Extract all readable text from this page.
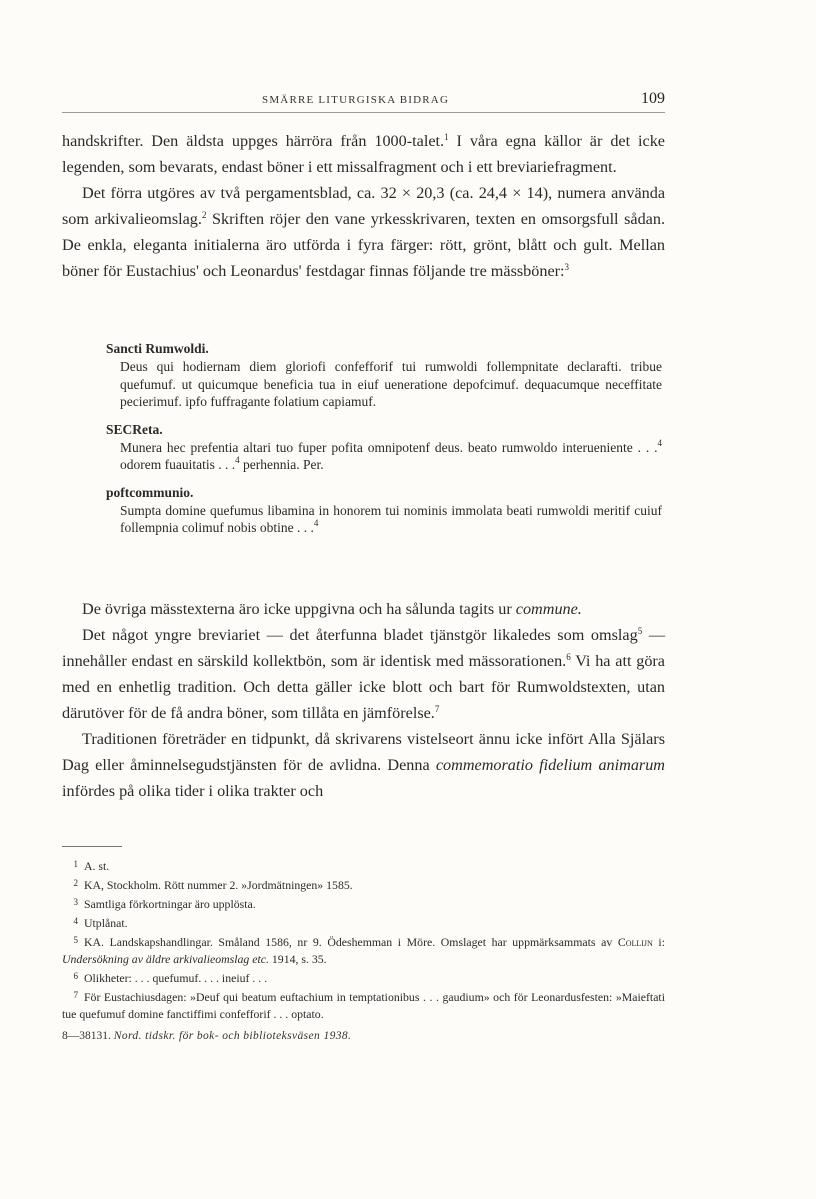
SMÄRRE LITURGISKA BIDRAG	109

handskrifter. Den äldsta uppges härröra från 1000-talet.$^1$ I våra egna källor är det icke legenden, som bevarats, endast böner i ett missalfragment och i ett breviariefragment.

Det förra utgöres av två pergamentsblad, ca. 32 × 20,3 (ca. 24,4 × 14), numera använda som arkivalieomslag.$^2$ Skriften röjer den vane yrkesskrivaren, texten en omsorgsfull sådan. De enkla, eleganta initialerna äro utförda i fyra färger: rött, grönt, blått och gult. Mellan böner för Eustachius' och Leonardus' festdagar finnas följande tre mässböner:$^3$

Sancti Rumwoldi.

Deus qui hodiernam diem gloriofi confefforif tui rumwoldi follempnitate declarafti. tribue quefumuf. ut quicumque beneficia tua in eiuf ueneratione depofcimuf. dequacumque neceffitate pecierimuf. ipfo fuffragante folatium capiamuf.

SECReta.

Munera hec prefentia altari tuo fuper pofita omnipotenf deus. beato rumwoldo interueniente . . .$^4$ odorem fuauitatis . . .$^4$ perhennia. Per.

poftcommunio.

Sumpta domine quefumus libamina in honorem tui nominis immolata beati rumwoldi meritif cuiuf follempnia colimuf nobis obtine . . .$^4$

De övriga mässtexterna äro icke uppgivna och ha sålunda tagits ur commune.

Det något yngre breviariet — det återfunna bladet tjänstgör likaledes som omslag$^5$ — innehåller endast en särskild kollektbön, som är identisk med mässorationen.$^6$ Vi ha att göra med en enhetlig tradition. Och detta gäller icke blott och bart för Rumwoldstexten, utan därutöver för de få andra böner, som tillåta en jämförelse.$^7$

Traditionen företräder en tidpunkt, då skrivarens vistelseort ännu icke infört Alla Själars Dag eller åminnelsegudstjänsten för de avlidna. Denna commemoratio fidelium animarum infördes på olika tider i olika trakter och

1 A. st.

2 KA, Stockholm. Rött nummer 2. »Jordmätningen» 1585.

3 Samtliga förkortningar äro upplösta.

4 Utplånat.

5 KA. Landskapshandlingar. Småland 1586, nr 9. Ödeshemman i Möre. Omslaget har uppmärksammats av Collijn i: Undersökning av äldre arkivalieomslag etc. 1914, s. 35.

6 Olikheter: . . . quefumuf. . . . ineiuf . . .

7 För Eustachiusdagen: »Deuf qui beatum euftachium in temptationibus . . . gaudium» och för Leonardusfesten: »Maieftati tue quefumuf domine fanctiffimi confefforif . . . optato.

8—38131. Nord. tidskr. för bok- och biblioteksväsen 1938.
